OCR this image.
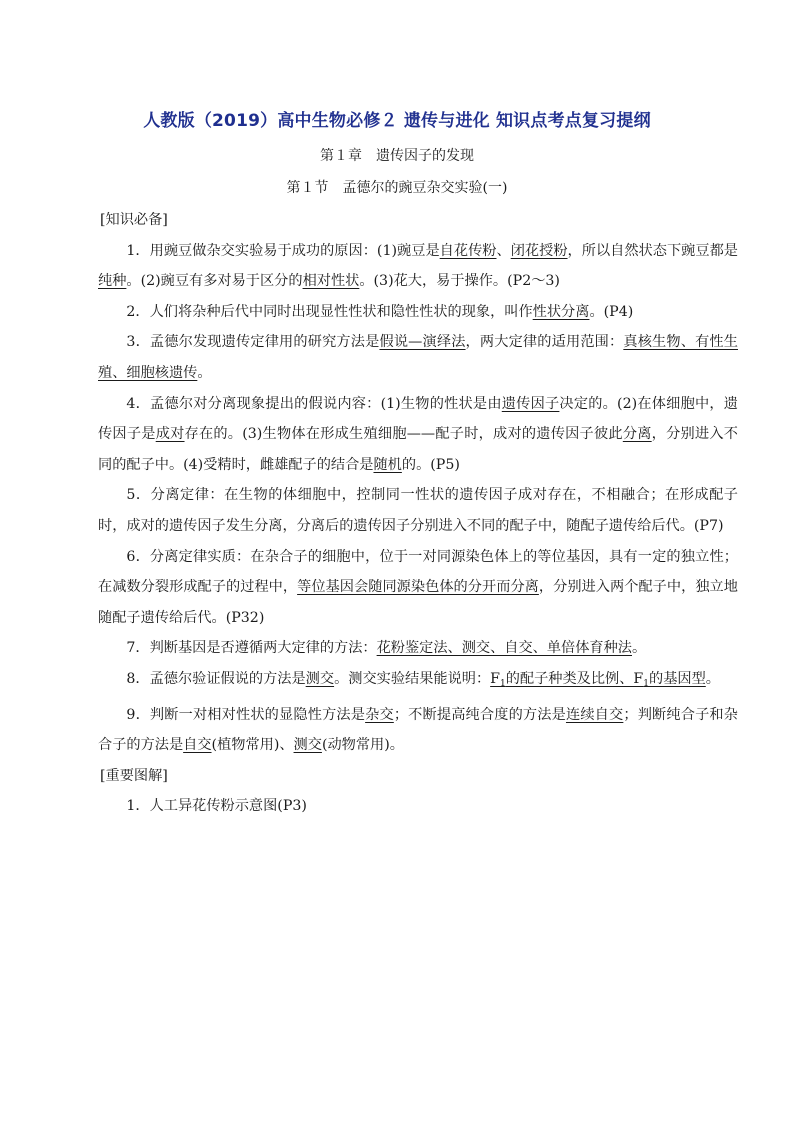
人教版（2019）高中生物必修２ 遗传与进化 知识点考点复习提纲
第１章　遗传因子的发现
第１节　孟德尔的豌豆杂交实验(一)

[知识必备]

1．用豌豆做杂交实验易于成功的原因：(1)豌豆是自花传粉、闭花授粉，所以自然状态下豌豆都是纯种。(2)豌豆有多对易于区分的相对性状。(3)花大，易于操作。(P2～3)

2．人们将杂种后代中同时出现显性性状和隐性性状的现象，叫作性状分离。(P4)

3．孟德尔发现遗传定律用的研究方法是假说—演绎法，两大定律的适用范围：真核生物、有性生殖、细胞核遗传。

4．孟德尔对分离现象提出的假说内容：(1)生物的性状是由遗传因子决定的。(2)在体细胞中，遗传因子是成对存在的。(3)生物体在形成生殖细胞——配子时，成对的遗传因子彼此分离，分别进入不同的配子中。(4)受精时，雌雄配子的结合是随机的。(P5)

5．分离定律：在生物的体细胞中，控制同一性状的遗传因子成对存在，不相融合；在形成配子时，成对的遗传因子发生分离，分离后的遗传因子分别进入不同的配子中，随配子遗传给后代。(P7)

6．分离定律实质：在杂合子的细胞中，位于一对同源染色体上的等位基因，具有一定的独立性；在减数分裂形成配子的过程中，等位基因会随同源染色体的分开而分离，分别进入两个配子中，独立地随配子遗传给后代。(P32)

7．判断基因是否遵循两大定律的方法：花粉鉴定法、测交、自交、单倍体育种法。

8．孟德尔验证假说的方法是测交。测交实验结果能说明：$F_1$的配子种类及比例、$F_1$的基因型。

9．判断一对相对性状的显隐性方法是杂交；不断提高纯合度的方法是连续自交；判断纯合子和杂合子的方法是自交(植物常用)、测交(动物常用)。

[重要图解]

1．人工异花传粉示意图(P3)
